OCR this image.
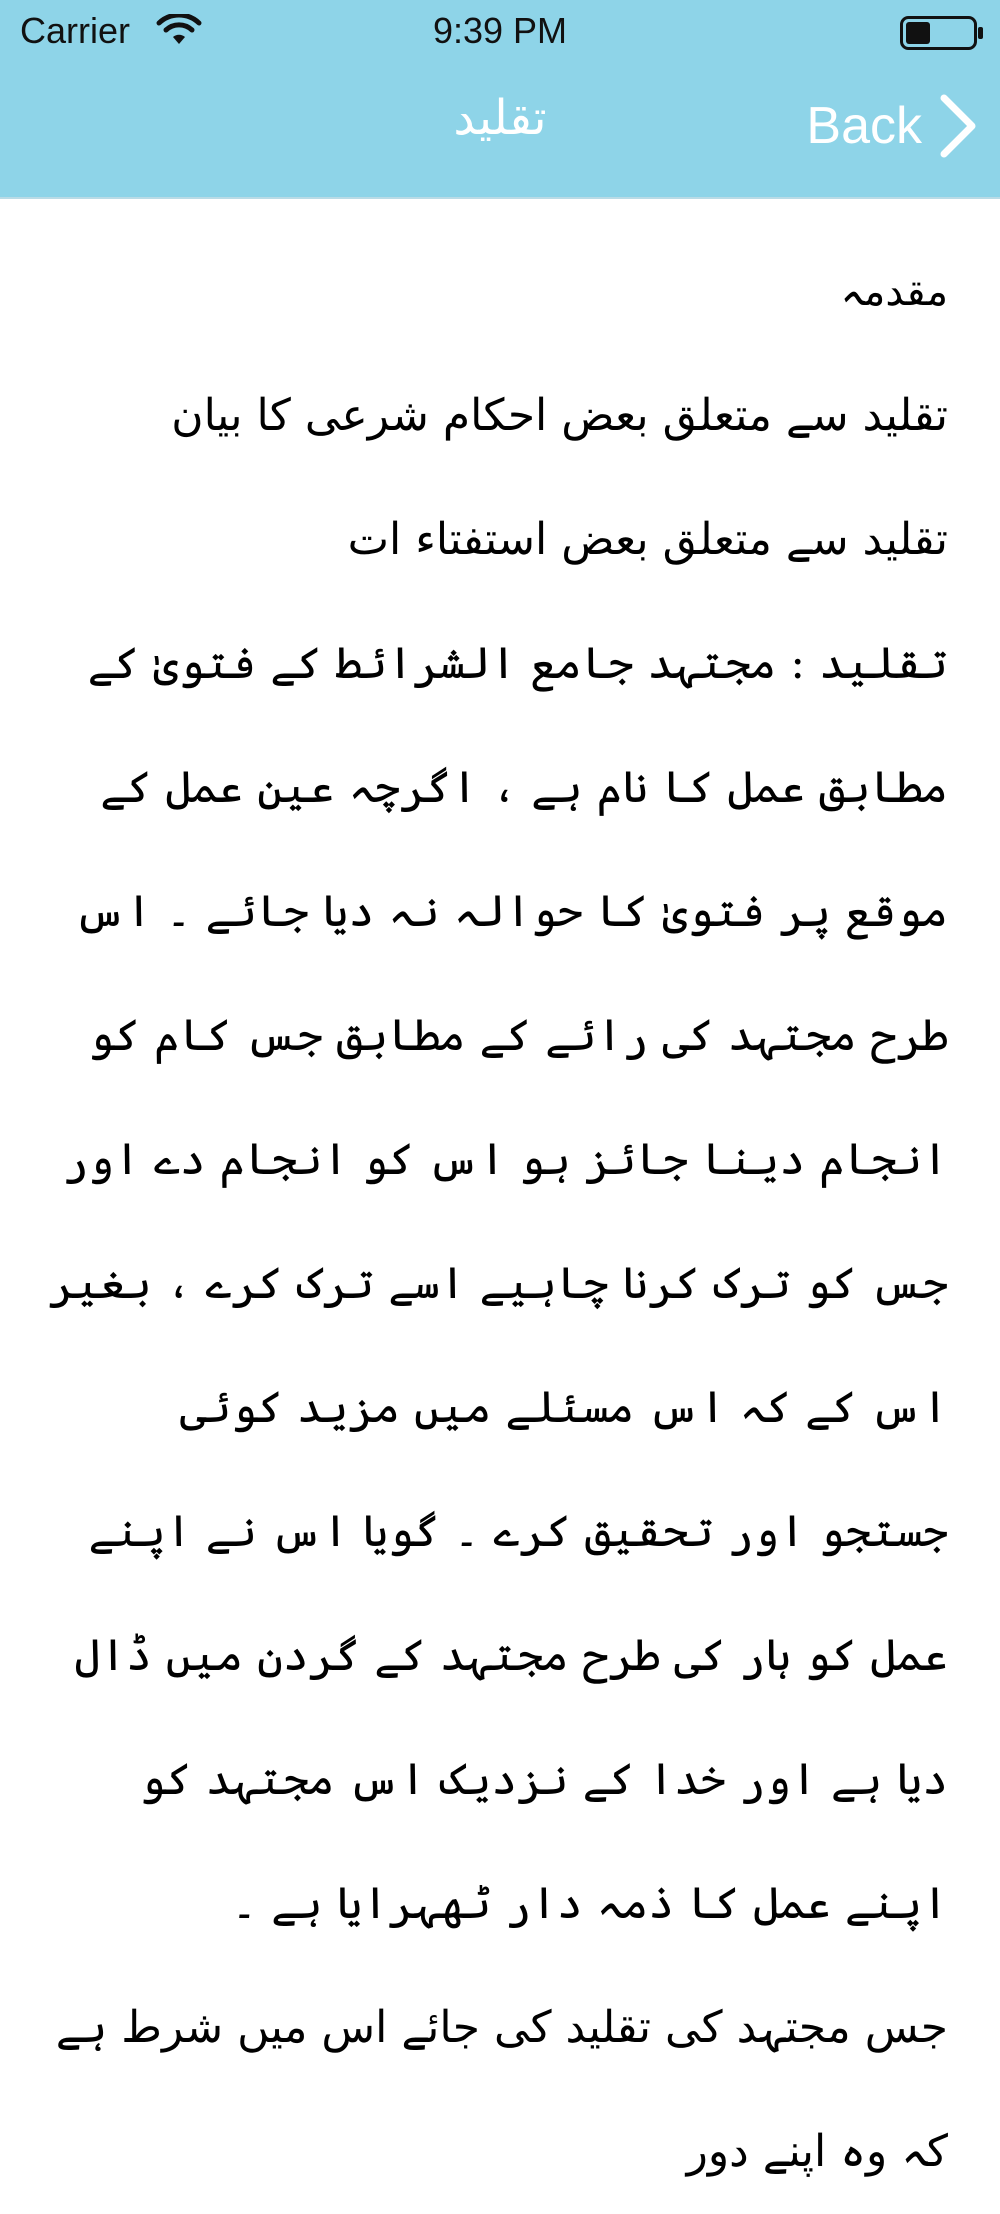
Carrier	9:39 PM
تقلید	Back

مقدمہ

تقلید سے متعلق بعض احکام شرعی کا بیان

تقلید سے متعلق بعض استفتاء ات

تقلید : مجتہد جامع الشرائط کے فتویٰ کے مطابق عمل کا نام ہے ، اگرچہ عین عمل کے موقع پر فتویٰ کا حوالہ نہ دیا جائے ۔ اس طرح مجتہد کی رائے کے مطابق جس کام کو انجام دینا جائز ہو اس کو انجام دے اور جس کو ترک کرنا چاہیے اسے ترک کرے ، بغیر اس کے کہ اس مسئلے میں مزید کوئی جستجو اور تحقیق کرے ۔ گویا اس نے اپنے عمل کو ہار کی طرح مجتہد کے گردن میں ڈال دیا ہے اور خدا کے نزدیک اس مجتہد کو اپنے عمل کا ذمہ دار ٹھہرایا ہے ۔

جس مجتہد کی تقلید کی جائے اس میں شرط ہے کہ وہ اپنے دور
